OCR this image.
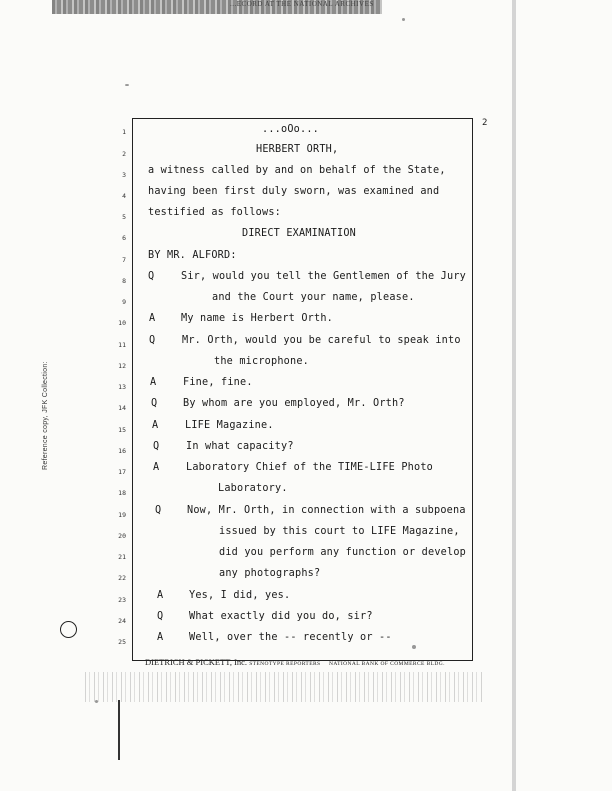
...ECORD AT THE NATIONAL ARCHIVES
Reference copy, JFK Collection:
2
1
2
3
4
5
6
7
8
9
10
11
12
13
14
15
16
17
18
19
20
21
22
23
24
25
...oOo...
HERBERT ORTH,
a witness called by and on behalf of the State,
having been first duly sworn, was examined and
testified as follows:
DIRECT EXAMINATION
BY MR. ALFORD:
Q	Sir, would you tell the Gentlemen of the Jury
and the Court your name, please.
A	My name is Herbert Orth.
Q	Mr. Orth, would you be careful to speak into
the microphone.
A	Fine, fine.
Q	By whom are you employed, Mr. Orth?
A	LIFE Magazine.
Q	In what capacity?
A	Laboratory Chief of the TIME-LIFE Photo
Laboratory.
Q	Now, Mr. Orth, in connection with a subpoena
issued by this court to LIFE Magazine,
did you perform any function or develop
any photographs?
A	Yes, I did, yes.
Q	What exactly did you do, sir?
A	Well, over the -- recently or --
DIETRICH & PICKETT, Inc. STENOTYPE REPORTERS NATIONAL BANK OF COMMERCE BLDG.
